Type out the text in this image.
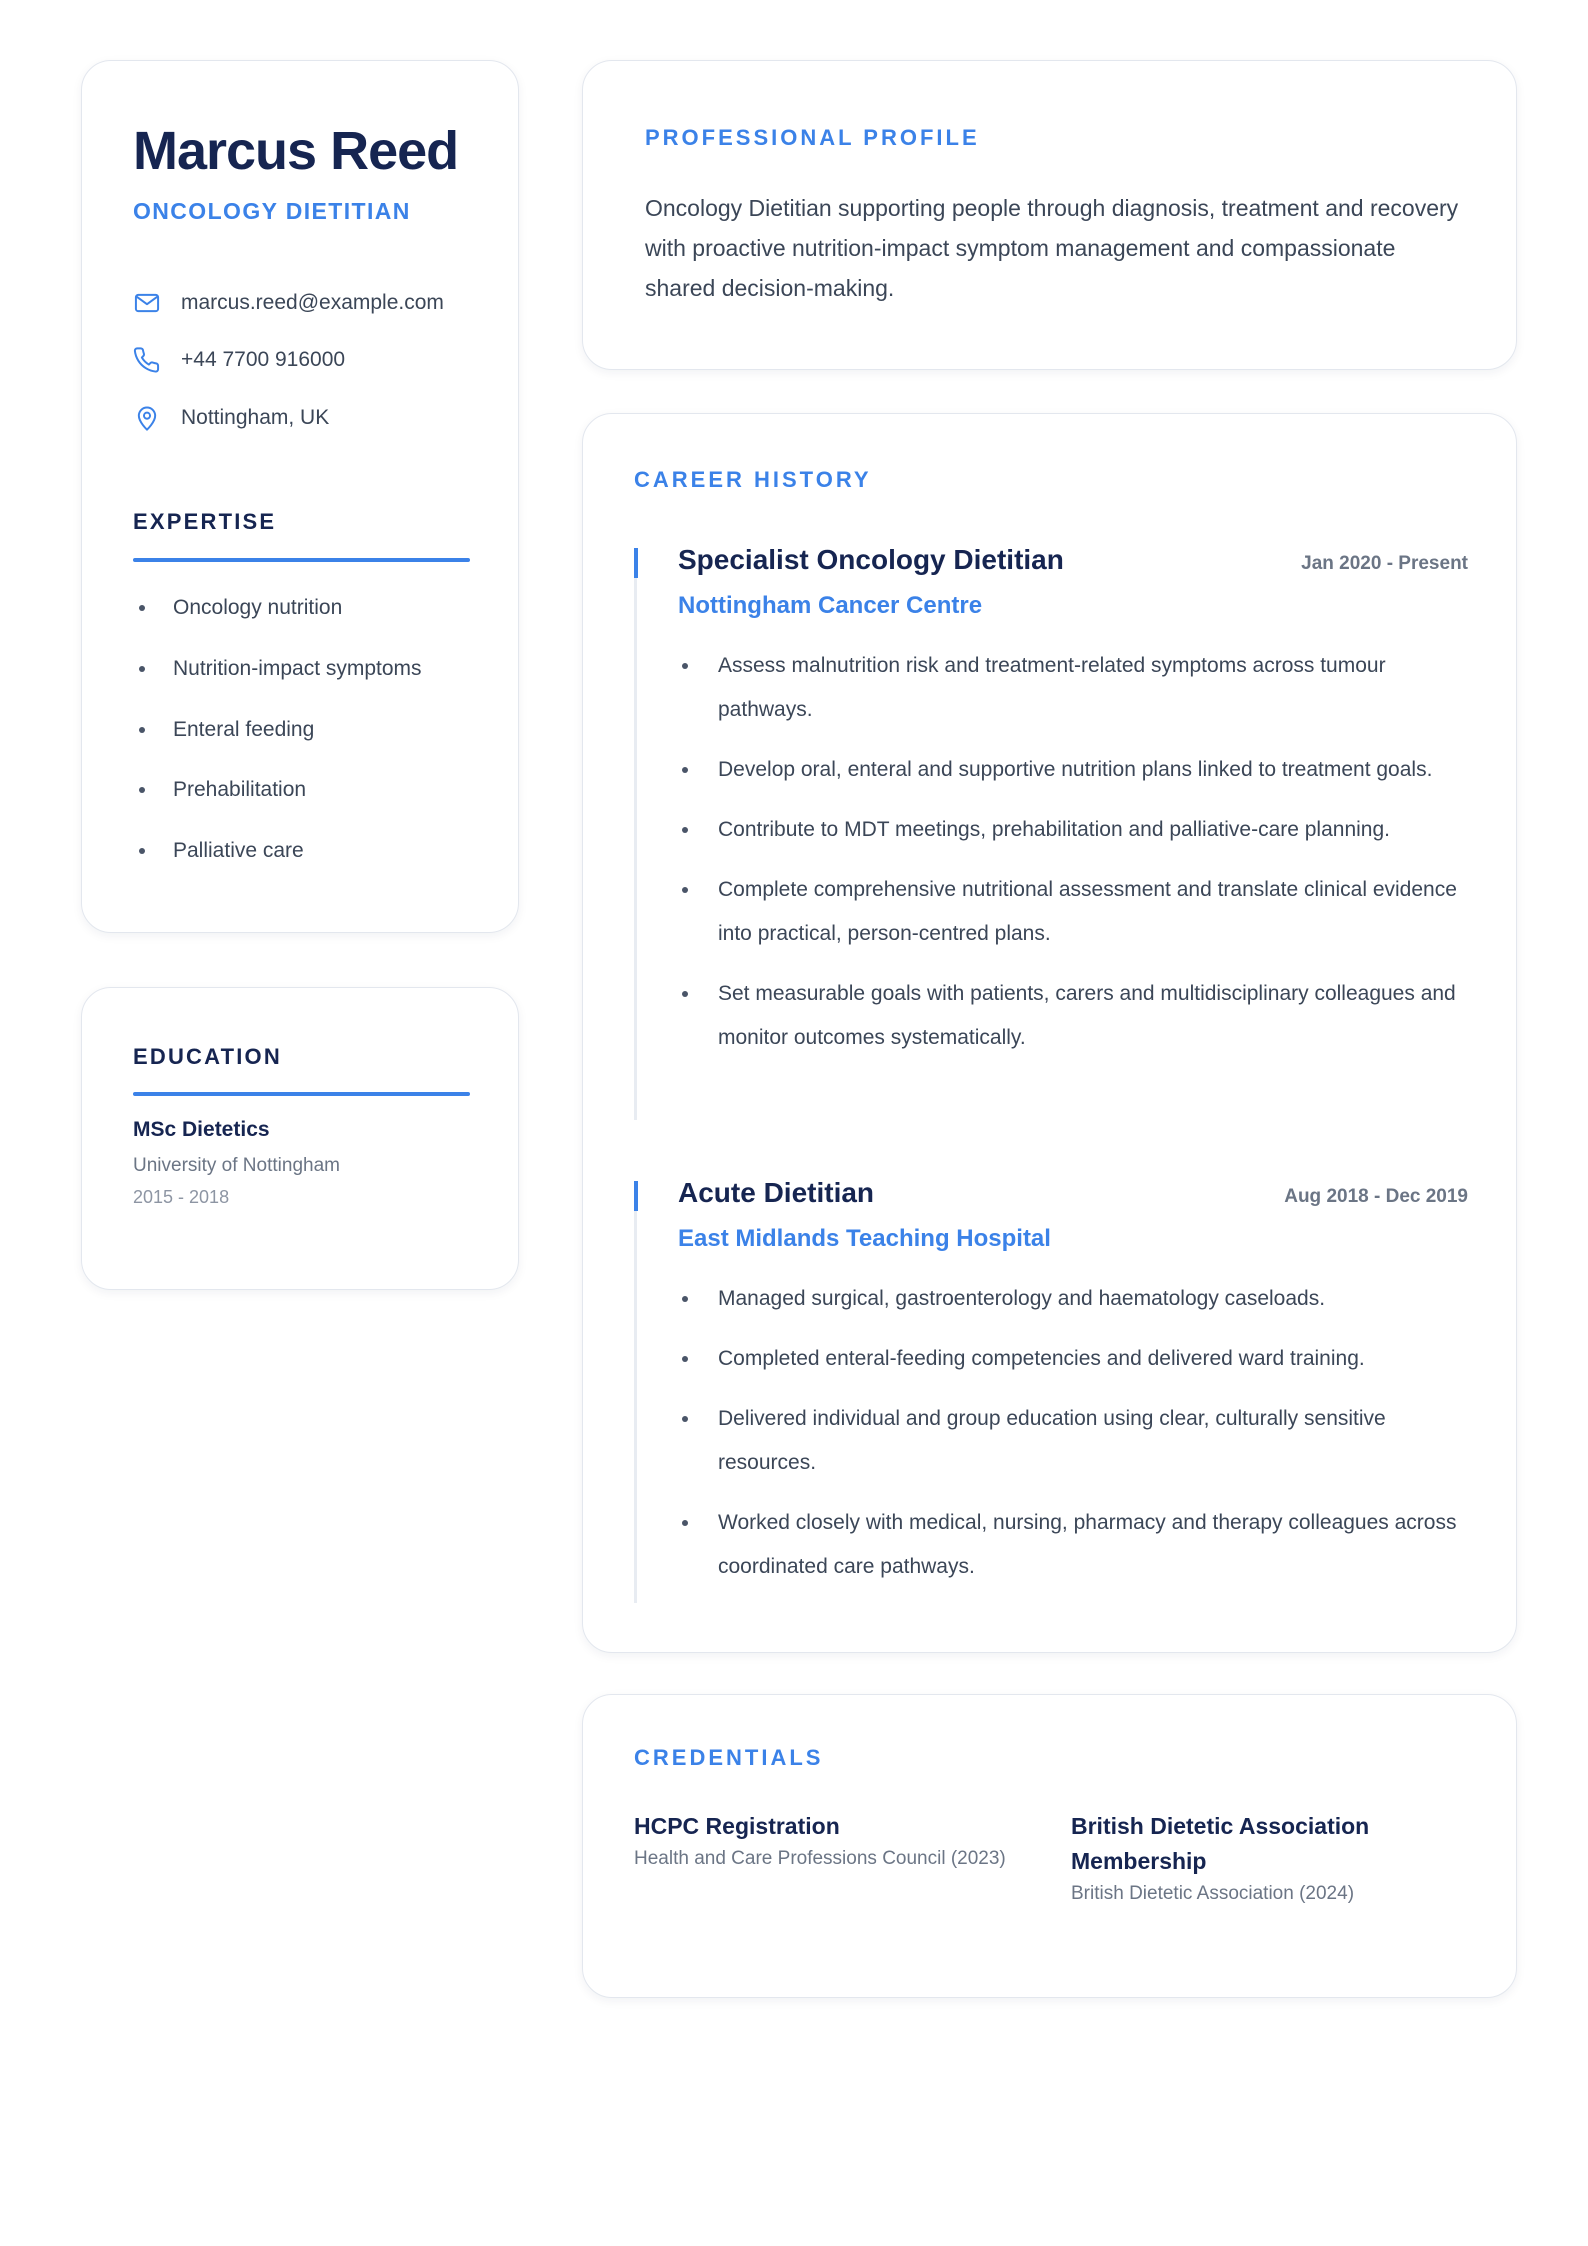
Marcus Reed
ONCOLOGY DIETITIAN
marcus.reed@example.com
+44 7700 916000
Nottingham, UK
EXPERTISE
Oncology nutrition
Nutrition-impact symptoms
Enteral feeding
Prehabilitation
Palliative care
EDUCATION
MSc Dietetics
University of Nottingham
2015 - 2018
PROFESSIONAL PROFILE
Oncology Dietitian supporting people through diagnosis, treatment and recovery with proactive nutrition-impact symptom management and compassionate shared decision-making.
CAREER HISTORY
Specialist Oncology Dietitian	Jan 2020 - Present
Nottingham Cancer Centre
Assess malnutrition risk and treatment-related symptoms across tumour pathways.
Develop oral, enteral and supportive nutrition plans linked to treatment goals.
Contribute to MDT meetings, prehabilitation and palliative-care planning.
Complete comprehensive nutritional assessment and translate clinical evidence into practical, person-centred plans.
Set measurable goals with patients, carers and multidisciplinary colleagues and monitor outcomes systematically.
Acute Dietitian	Aug 2018 - Dec 2019
East Midlands Teaching Hospital
Managed surgical, gastroenterology and haematology caseloads.
Completed enteral-feeding competencies and delivered ward training.
Delivered individual and group education using clear, culturally sensitive resources.
Worked closely with medical, nursing, pharmacy and therapy colleagues across coordinated care pathways.
CREDENTIALS
HCPC Registration
Health and Care Professions Council (2023)
British Dietetic Association Membership
British Dietetic Association (2024)
